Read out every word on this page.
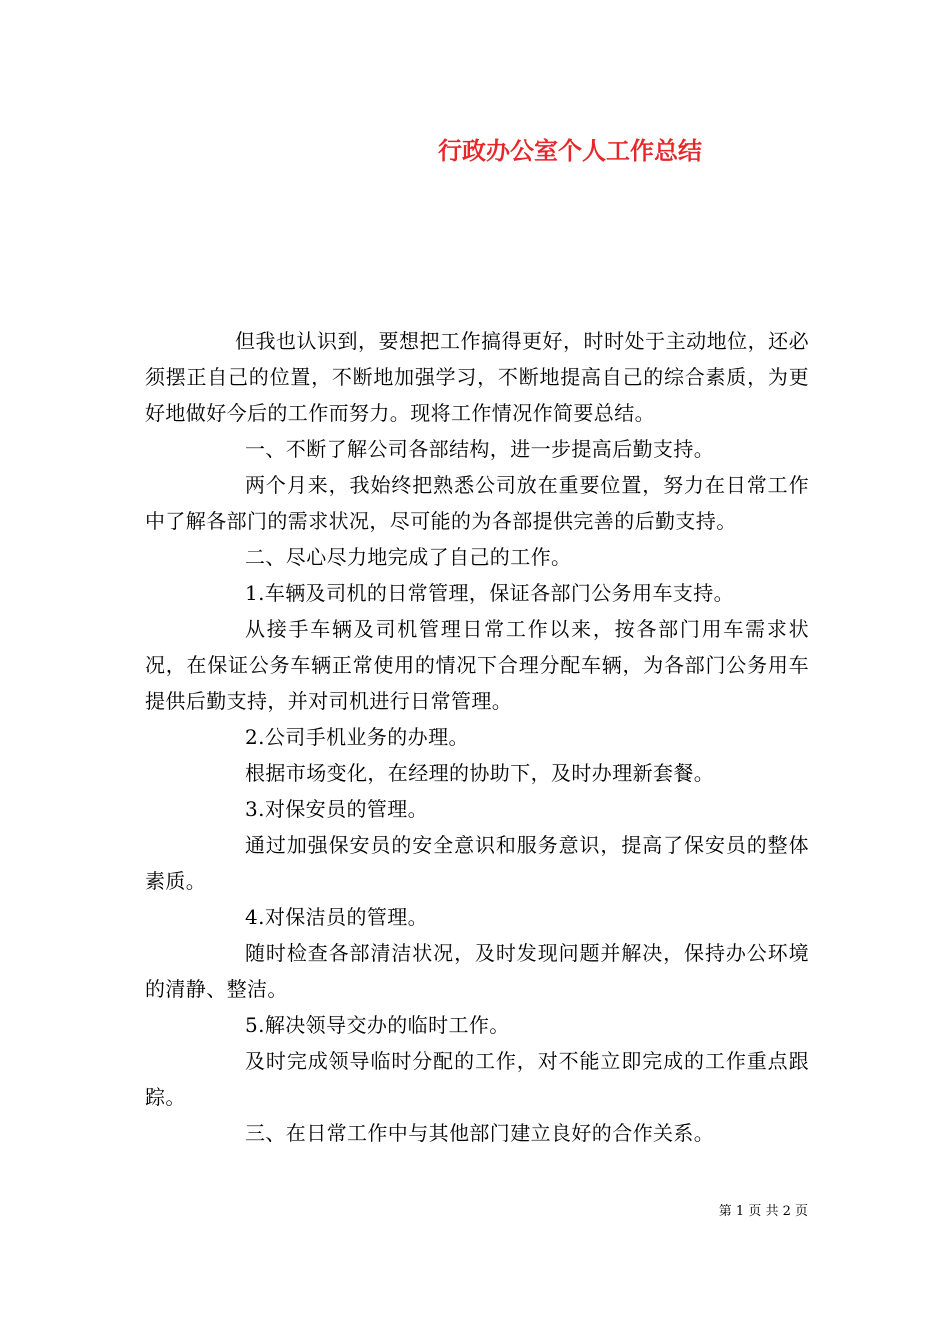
行政办公室个人工作总结

但我也认识到，要想把工作搞得更好，时时处于主动地位，还必须摆正自己的位置，不断地加强学习，不断地提高自己的综合素质，为更好地做好今后的工作而努力。现将工作情况作简要总结。

一、不断了解公司各部结构，进一步提高后勤支持。

两个月来，我始终把熟悉公司放在重要位置，努力在日常工作中了解各部门的需求状况，尽可能的为各部提供完善的后勤支持。

二、尽心尽力地完成了自己的工作。

1.车辆及司机的日常管理，保证各部门公务用车支持。

从接手车辆及司机管理日常工作以来，按各部门用车需求状况，在保证公务车辆正常使用的情况下合理分配车辆，为各部门公务用车提供后勤支持，并对司机进行日常管理。

2.公司手机业务的办理。

根据市场变化，在经理的协助下，及时办理新套餐。

3.对保安员的管理。

通过加强保安员的安全意识和服务意识，提高了保安员的整体素质。

4.对保洁员的管理。

随时检查各部清洁状况，及时发现问题并解决，保持办公环境的清静、整洁。

5.解决领导交办的临时工作。

及时完成领导临时分配的工作，对不能立即完成的工作重点跟踪。

三、在日常工作中与其他部门建立良好的合作关系。

第 1 页 共 2 页
